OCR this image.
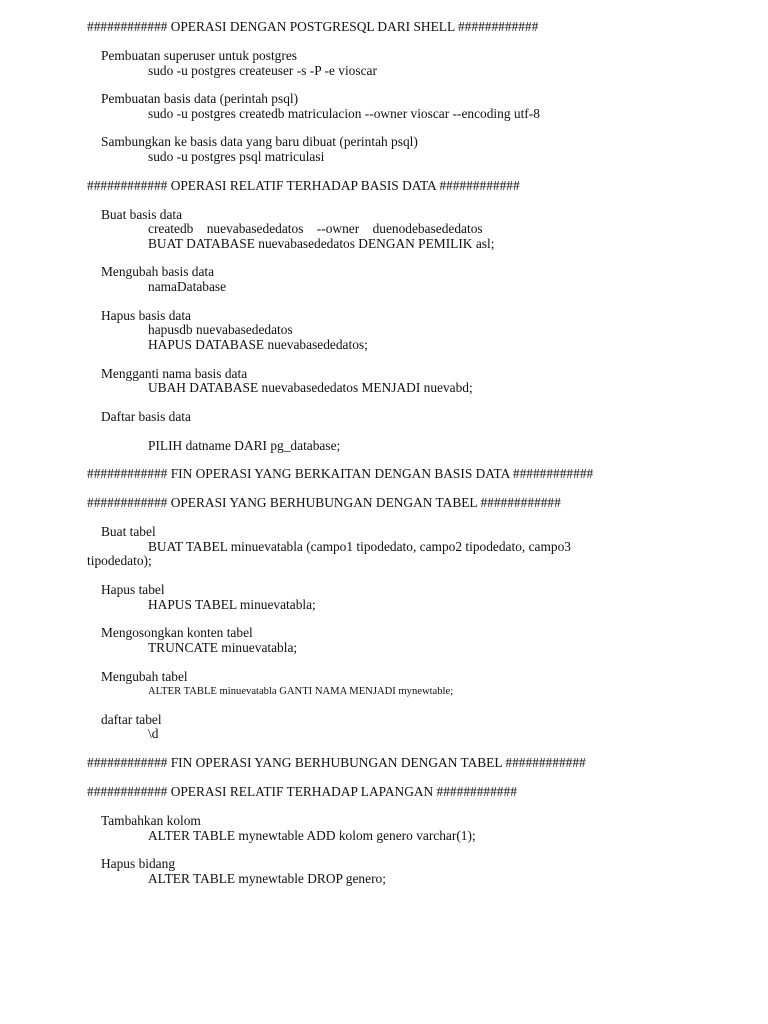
############ OPERASI DENGAN POSTGRESQL DARI SHELL ############
Pembuatan superuser untuk postgres
sudo -u postgres createuser -s -P -e vioscar
Pembuatan basis data (perintah psql)
sudo -u postgres createdb matriculacion --owner vioscar --encoding utf-8
Sambungkan ke basis data yang baru dibuat (perintah psql)
sudo -u postgres psql matriculasi
############ OPERASI RELATIF TERHADAP BASIS DATA ############
Buat basis data
createdb    nuevabasededatos    --owner    duenodebasededatos
BUAT DATABASE nuevabasededatos DENGAN PEMILIK asl;
Mengubah basis data
namaDatabase
Hapus basis data
hapusdb nuevabasededatos
HAPUS DATABASE nuevabasededatos;
Mengganti nama basis data
UBAH DATABASE nuevabasededatos MENJADI nuevabd;
Daftar basis data
PILIH datname DARI pg_database;
############ FIN OPERASI YANG BERKAITAN DENGAN BASIS DATA ############
############ OPERASI YANG BERHUBUNGAN DENGAN TABEL ############
Buat tabel
BUAT TABEL minuevatabla (campo1 tipodedato, campo2 tipodedato, campo3
tipodedato);
Hapus tabel
HAPUS TABEL minuevatabla;
Mengosongkan konten tabel
TRUNCATE minuevatabla;
Mengubah tabel
ALTER TABLE minuevatabla GANTI NAMA MENJADI mynewtable;
daftar tabel
\d
############ FIN OPERASI YANG BERHUBUNGAN DENGAN TABEL ############
############ OPERASI RELATIF TERHADAP LAPANGAN ############
Tambahkan kolom
ALTER TABLE mynewtable ADD kolom genero varchar(1);
Hapus bidang
ALTER TABLE mynewtable DROP genero;
